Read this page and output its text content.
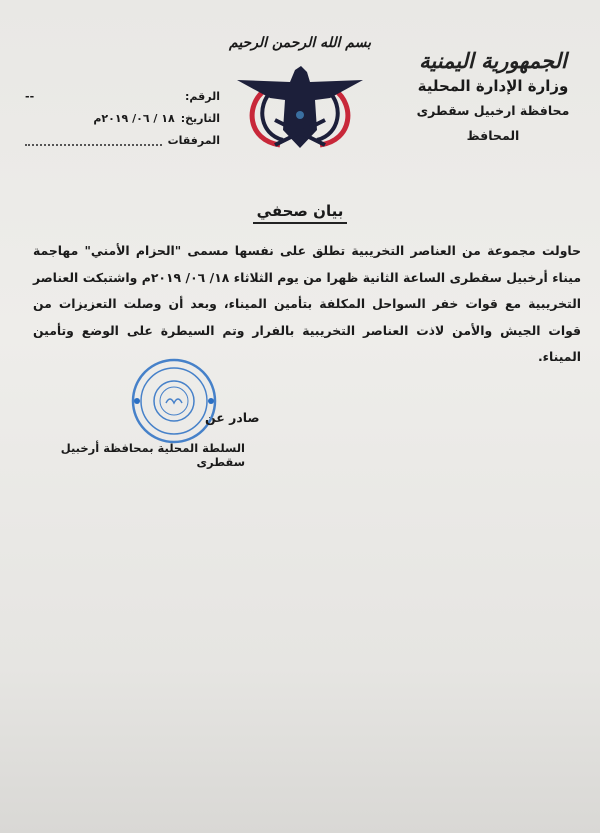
الجمهورية اليمنية
وزارة الإدارة المحلية
محافظة ارخبيل سقطرى
المحافظ
بسم الله الرحمن الرحيم
الرقم:
--
التاريخ:
١٨ / ٠٦/ ٢٠١٩م
المرفقات
بيان صحفي
حاولت مجموعة من العناصر التخريبية تطلق على نفسها مسمى "الحزام الأمني" مهاجمة ميناء أرخبيل سقطرى الساعة الثانية ظهرا من يوم الثلاثاء ١٨/ ٠٦/ ٢٠١٩م واشتبكت العناصر التخريبية مع قوات خفر السواحل المكلفة بتأمين الميناء، وبعد أن وصلت التعزيزات من قوات الجيش والأمن لاذت العناصر التخريبية بالفرار وتم السيطرة على الوضع وتأمين الميناء.
صادر عن
السلطة المحلية بمحافظة أرخبيل سقطرى
